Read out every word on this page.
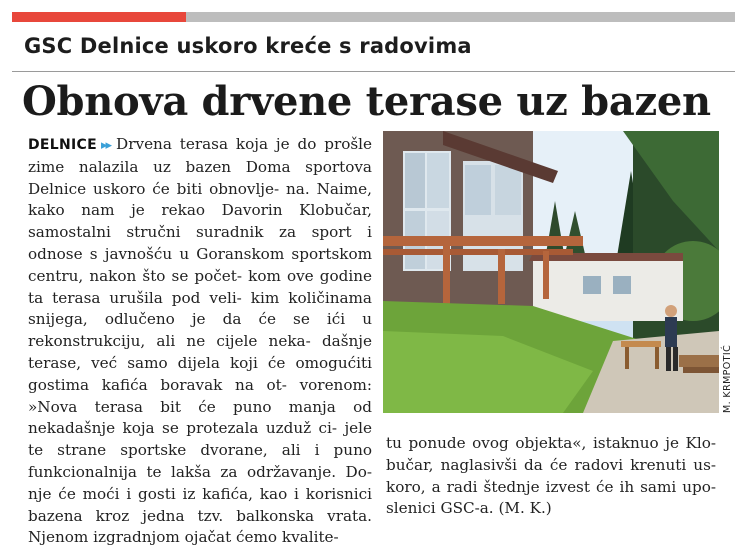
GSC Delnice uskoro kreće s radovima
Obnova drvene terase uz bazen

DELNICE ▸▸ Drvena terasa koja je do prošle zime nalazila uz bazen Doma sportova Delnice uskoro će biti obnovlje- na. Naime, kako nam je rekao Davorin Klobučar, samostalni stručni suradnik za sport i odnose s javnošću u Goranskom sportskom centru, nakon što se počet- kom ove godine ta terasa urušila pod veli- kim količinama snijega, odlučeno je da će se ići u rekonstrukciju, ali ne cijele neka- dašnje terase, već samo dijela koji će omogućiti gostima kafića boravak na ot- vorenom: »Nova terasa bit će puno manja od nekadašnje koja se protezala uzduž ci- jele te strane sportske dvorane, ali i puno funkcionalnija te lakša za održavanje. Do- nje će moći i gosti iz kafića, kao i korisnici bazena kroz jedna tzv. balkonska vrata. Njenom izgradnjom ojačat ćemo kvalite-

M. KRMPOTIĆ

tu ponude ovog objekta«, istaknuo je Klo- bučar, naglasivši da će radovi krenuti us- koro, a radi štednje izvest će ih sami upo- slenici GSC-a. (M. K.)
